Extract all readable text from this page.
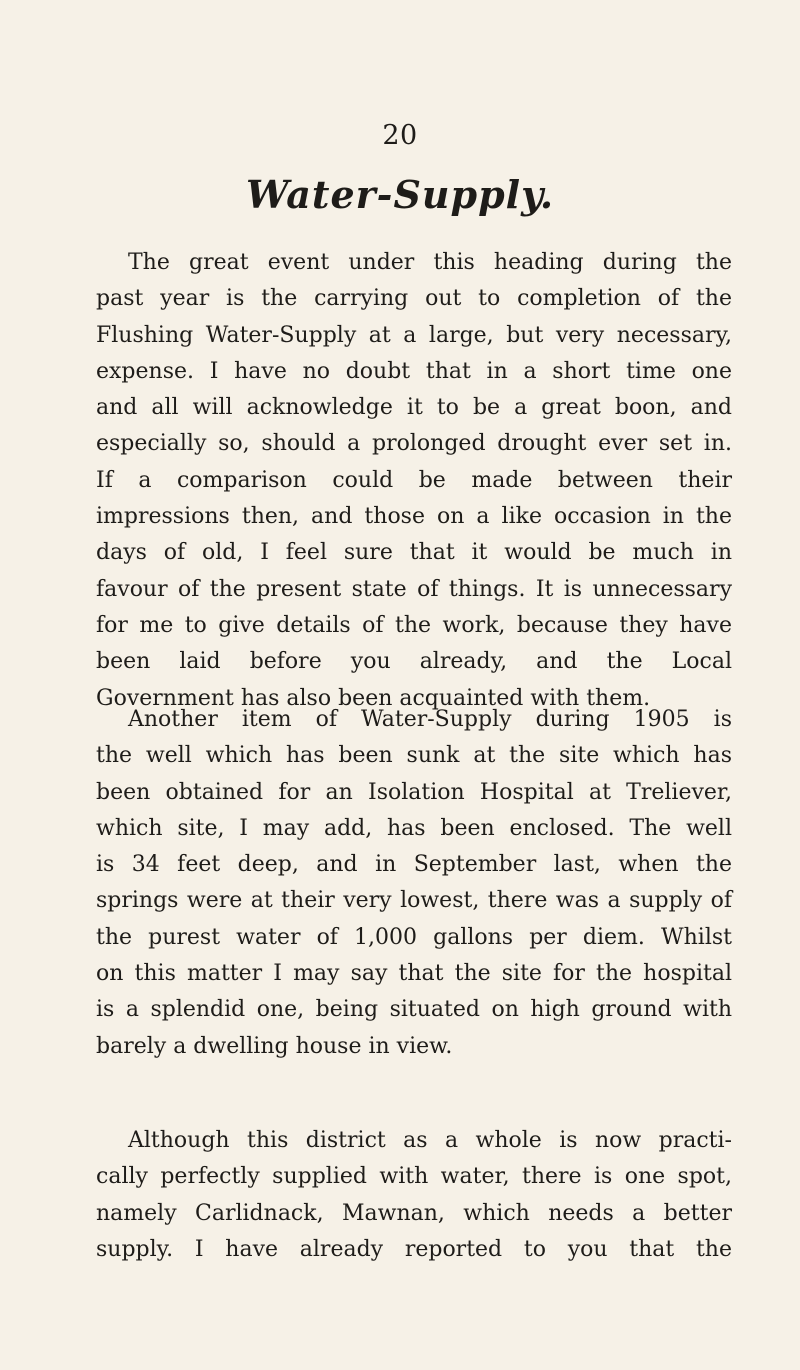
20
Water-Supply.
The great event under this heading during the
past year is the carrying out to completion of the
Flushing Water-Supply at a large, but very necessary,
expense. I have no doubt that in a short time one
and all will acknowledge it to be a great boon, and
especially so, should a prolonged drought ever set in.
If a comparison could be made between their
impressions then, and those on a like occasion in the
days of old, I feel sure that it would be much in
favour of the present state of things. It is unnecessary
for me to give details of the work, because they have
been laid before you already, and the Local
Government has also been acquainted with them.
Another item of Water-Supply during 1905 is
the well which has been sunk at the site which has
been obtained for an Isolation Hospital at Treliever,
which site, I may add, has been enclosed. The well
is 34 feet deep, and in September last, when the
springs were at their very lowest, there was a supply of
the purest water of 1,000 gallons per diem. Whilst
on this matter I may say that the site for the hospital
is a splendid one, being situated on high ground with
barely a dwelling house in view.
Although this district as a whole is now practi-
cally perfectly supplied with water, there is one spot,
namely Carlidnack, Mawnan, which needs a better
supply. I have already reported to you that the
